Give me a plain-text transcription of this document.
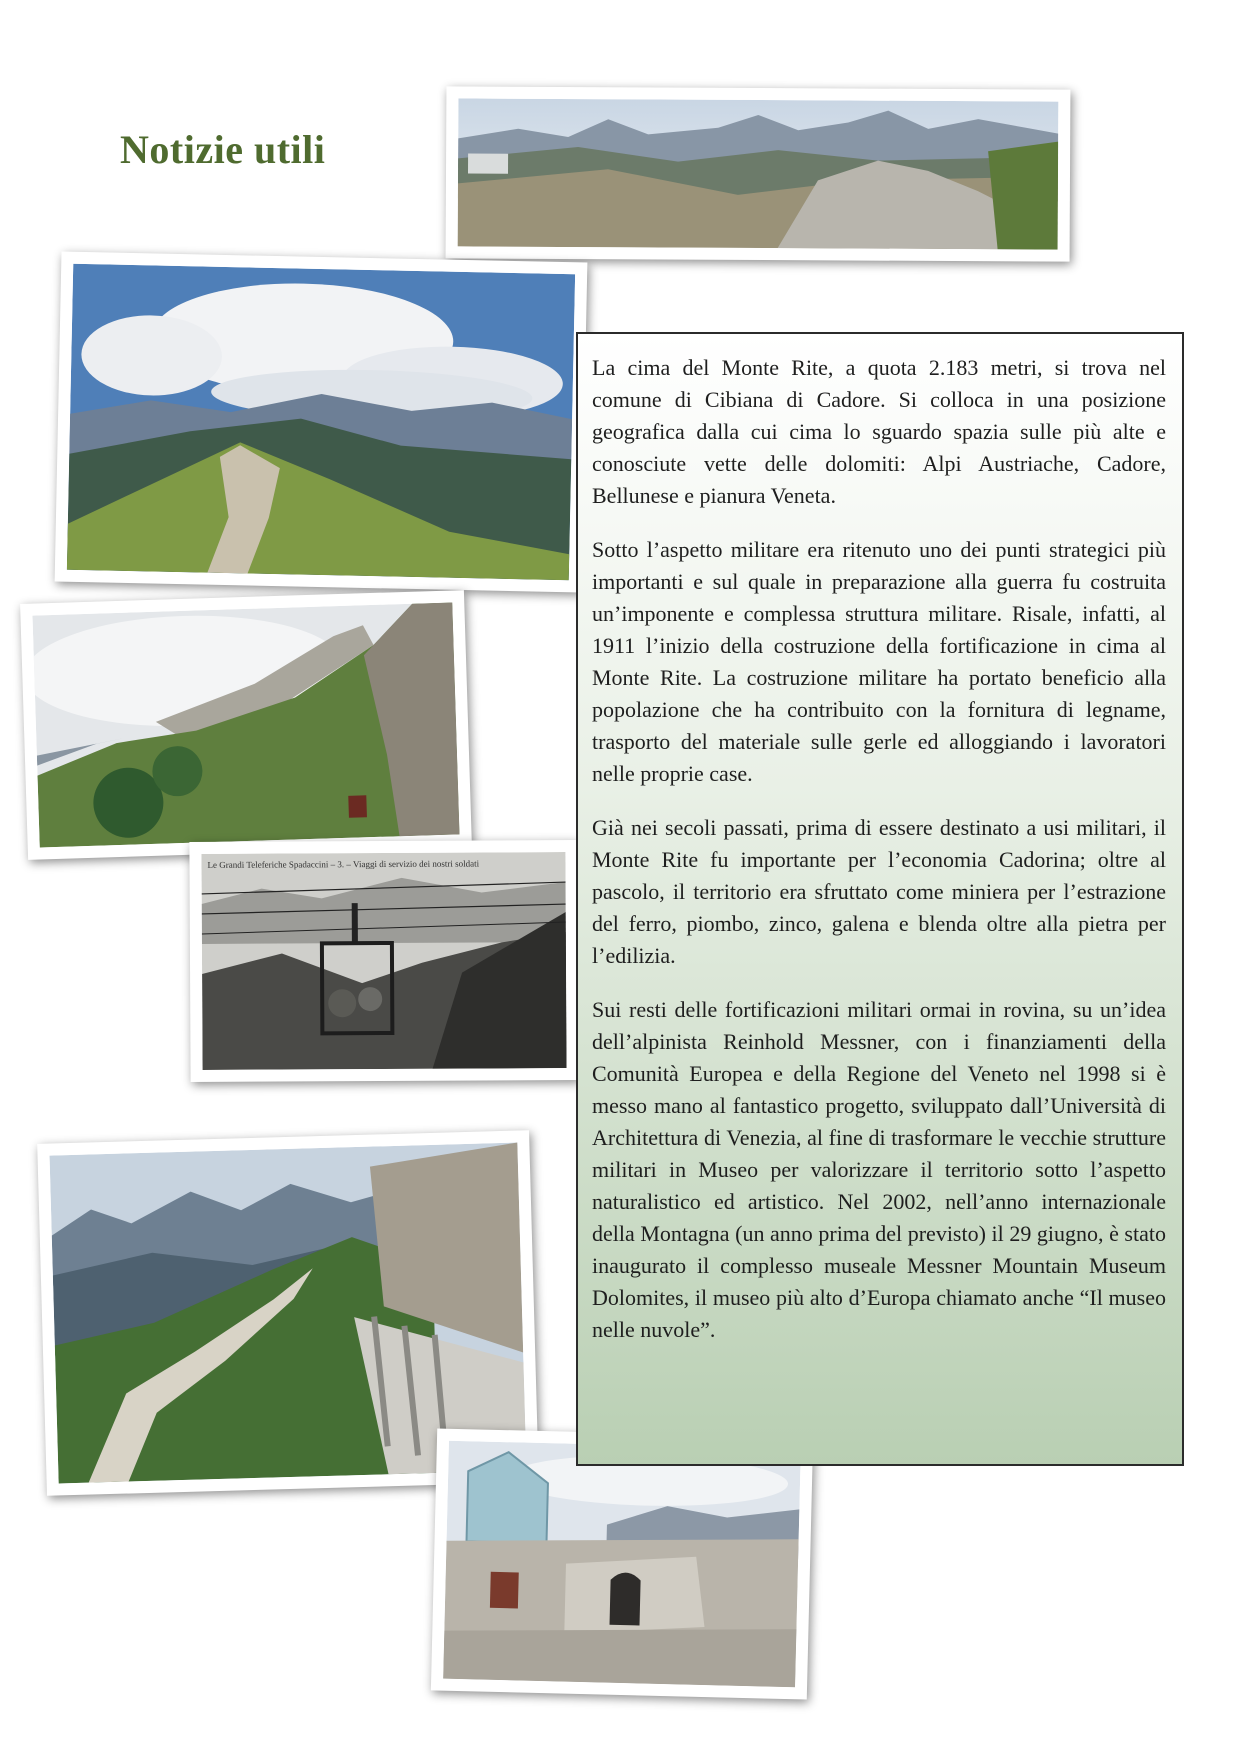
Notizie utili
Le Grandi Teleferiche Spadaccini – 3. – Viaggi di servizio dei nostri soldati

La cima del Monte Rite, a quota 2.183 metri, si trova nel comune di Cibiana di Cadore. Si colloca in una posizione geografica dalla cui cima lo sguardo spazia sulle più alte e conosciute vette delle dolomiti: Alpi Austriache, Cadore, Bellunese e pianura Veneta.

Sotto l’aspetto militare era ritenuto uno dei punti strategici più importanti e sul quale in preparazione alla guerra fu costruita un’imponente e complessa struttura militare. Risale, infatti, al 1911 l’inizio della costruzione della fortificazione in cima al Monte Rite. La costruzione militare ha portato beneficio alla popolazione che ha contribuito con la fornitura di legname, trasporto del materiale sulle gerle ed alloggiando i lavoratori nelle proprie case.

Già nei secoli passati, prima di essere destinato a usi militari, il Monte Rite fu importante per l’economia Cadorina; oltre al pascolo, il territorio era sfruttato come miniera per l’estrazione del ferro, piombo, zinco, galena e blenda oltre alla pietra per l’edilizia.

Sui resti delle fortificazioni militari ormai in rovina, su un’idea dell’alpinista Reinhold Messner, con i finanziamenti della Comunità Europea e della Regione del Veneto nel 1998 si è messo mano al fantastico progetto, sviluppato dall’Università di Architettura di Venezia, al fine di trasformare le vecchie strutture militari in Museo per valorizzare il territorio sotto l’aspetto naturalistico ed artistico. Nel 2002, nell’anno internazionale della Montagna (un anno prima del previsto) il 29 giugno, è stato inaugurato il complesso museale Messner Mountain Museum Dolomites, il museo più alto d’Europa chiamato anche “Il museo nelle nuvole”.
